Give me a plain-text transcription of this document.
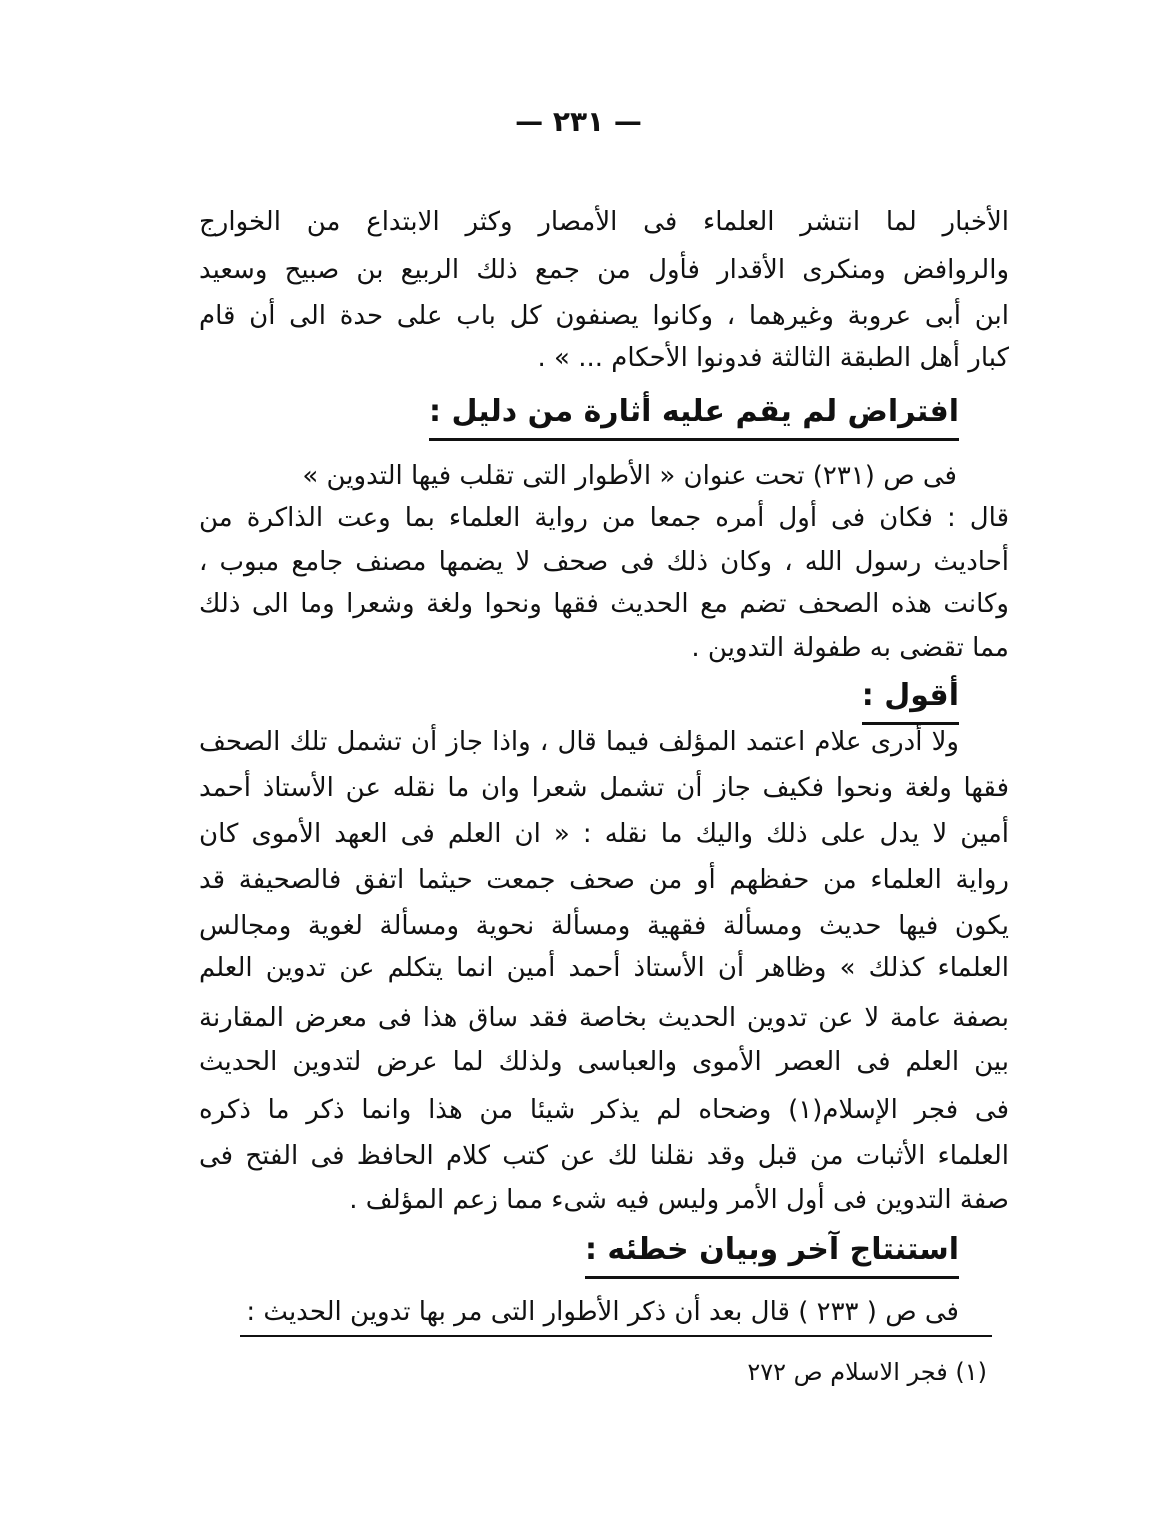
— ٢٣١ —
الأخبار لما انتشر العلماء فى الأمصار وكثر الابتداع من الخوارج
والروافض ومنكرى الأقدار فأول من جمع ذلك الربيع بن صبيح وسعيد
ابن أبى عروبة وغيرهما ، وكانوا يصنفون كل باب على حدة الى أن قام
كبار أهل الطبقة الثالثة فدونوا الأحكام ... » .
افتراض لم يقم عليه أثارة من دليل :
فى ص (٢٣١) تحت عنوان « الأطوار التى تقلب فيها التدوين »
قال : فكان فى أول أمره جمعا من رواية العلماء بما وعت الذاكرة من
أحاديث رسول الله ، وكان ذلك فى صحف لا يضمها مصنف جامع مبوب ،
وكانت هذه الصحف تضم مع الحديث فقها ونحوا ولغة وشعرا وما الى ذلك
مما تقضى به طفولة التدوين .
أقول :
ولا أدرى علام اعتمد المؤلف فيما قال ، واذا جاز أن تشمل تلك الصحف
فقها ولغة ونحوا فكيف جاز أن تشمل شعرا وان ما نقله عن الأستاذ أحمد
أمين لا يدل على ذلك واليك ما نقله : « ان العلم فى العهد الأموى كان
رواية العلماء من حفظهم أو من صحف جمعت حيثما اتفق فالصحيفة قد
يكون فيها حديث ومسألة فقهية ومسألة نحوية ومسألة لغوية ومجالس
العلماء كذلك » وظاهر أن الأستاذ أحمد أمين انما يتكلم عن تدوين العلم
بصفة عامة لا عن تدوين الحديث بخاصة فقد ساق هذا فى معرض المقارنة
بين العلم فى العصر الأموى والعباسى ولذلك لما عرض لتدوين الحديث
فى فجر الإسلام(١) وضحاه لم يذكر شيئا من هذا وانما ذكر ما ذكره
العلماء الأثبات من قبل وقد نقلنا لك عن كتب كلام الحافظ فى الفتح فى
صفة التدوين فى أول الأمر وليس فيه شىء مما زعم المؤلف .
استنتاج آخر وبيان خطئه :
فى ص ( ٢٣٣ ) قال بعد أن ذكر الأطوار التى مر بها تدوين الحديث :
(١) فجر الاسلام ص ٢٧٢
